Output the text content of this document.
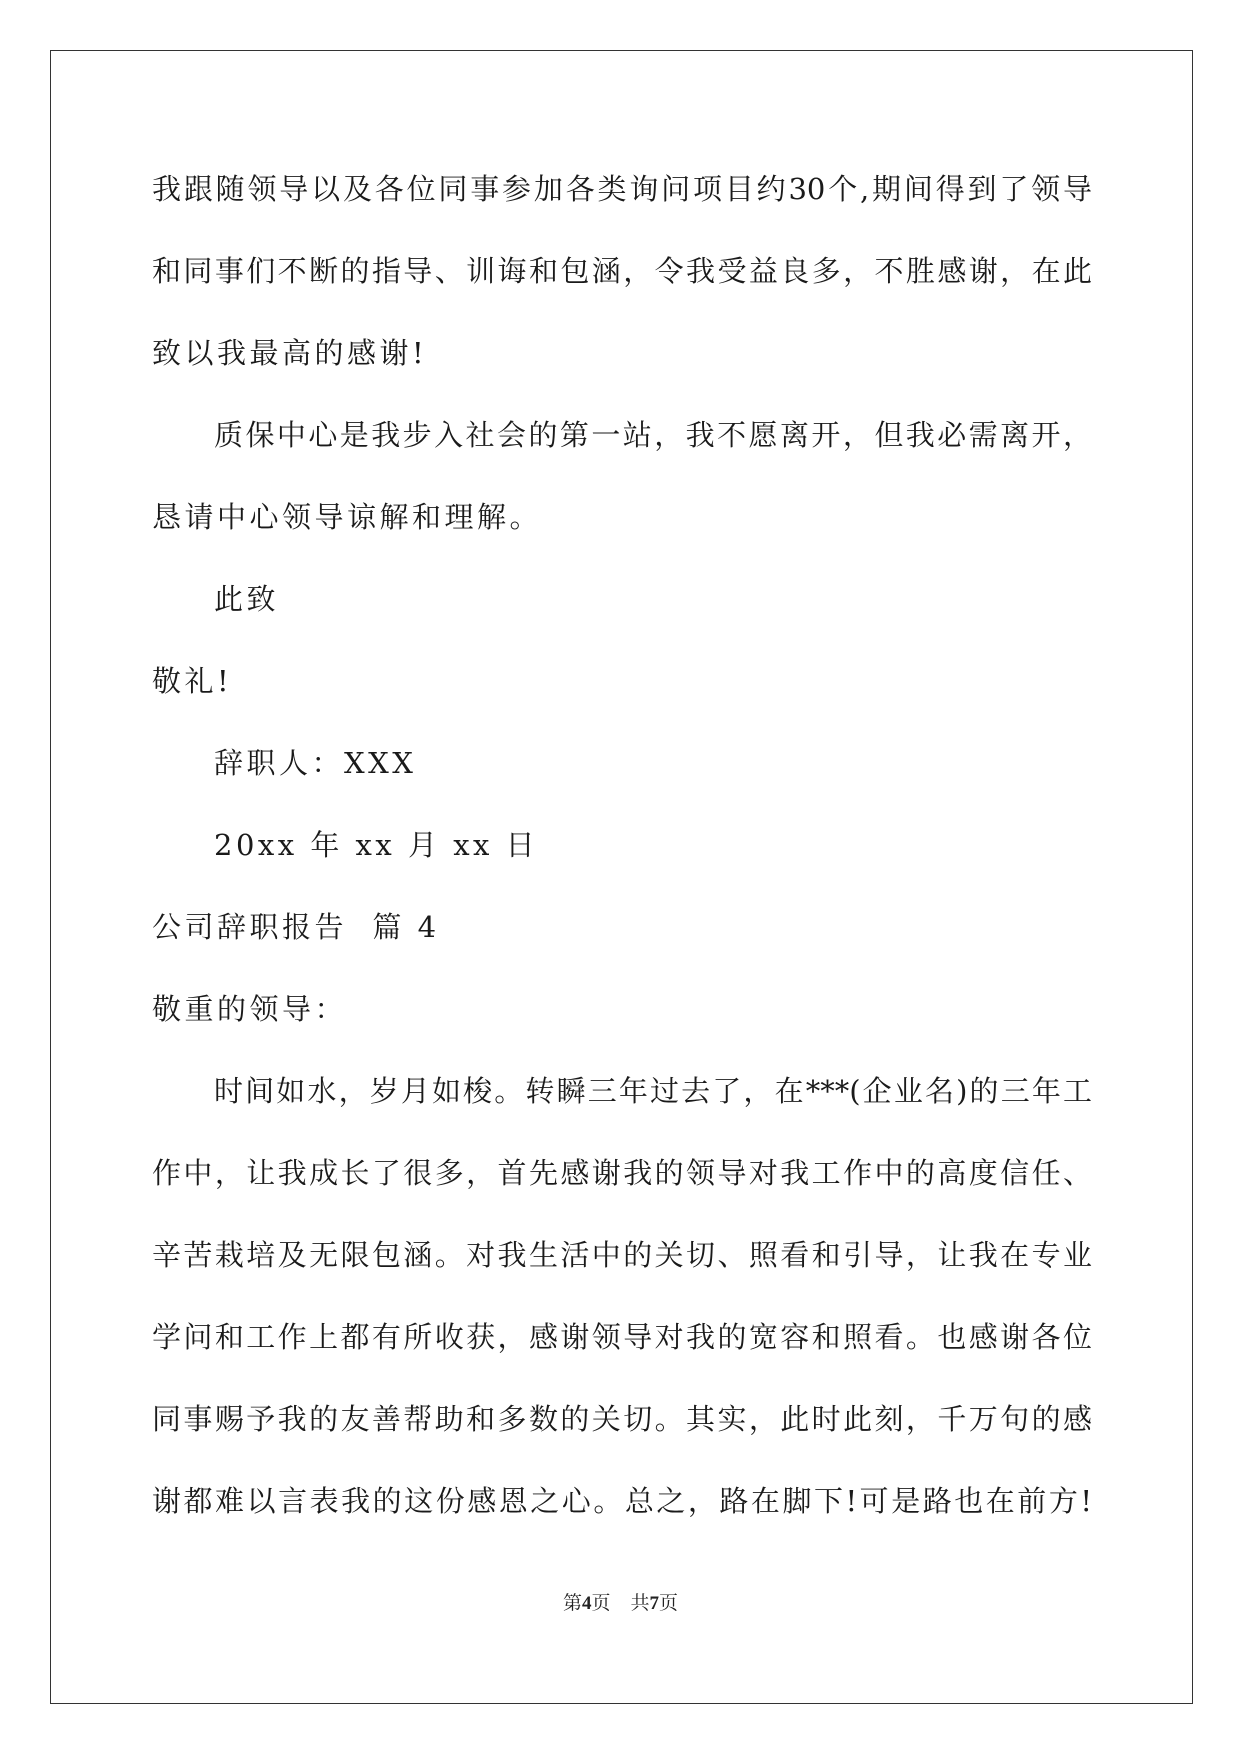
我跟随领导以及各位同事参加各类询问项目约30个,期间得到了领导
和同事们不断的指导、训诲和包涵，令我受益良多，不胜感谢，在此
致以我最高的感谢!
质保中心是我步入社会的第一站，我不愿离开，但我必需离开，
恳请中心领导谅解和理解。
此致
敬礼!
辞职人：XXX
20xx 年 xx 月 xx 日
公司辞职报告  篇 4
敬重的领导：
时间如水，岁月如梭。转瞬三年过去了，在***(企业名)的三年工
作中，让我成长了很多，首先感谢我的领导对我工作中的高度信任、
辛苦栽培及无限包涵。对我生活中的关切、照看和引导，让我在专业
学问和工作上都有所收获，感谢领导对我的宽容和照看。也感谢各位
同事赐予我的友善帮助和多数的关切。其实，此时此刻，千万句的感
谢都难以言表我的这份感恩之心。总之，路在脚下!可是路也在前方!
第4页 共7页
